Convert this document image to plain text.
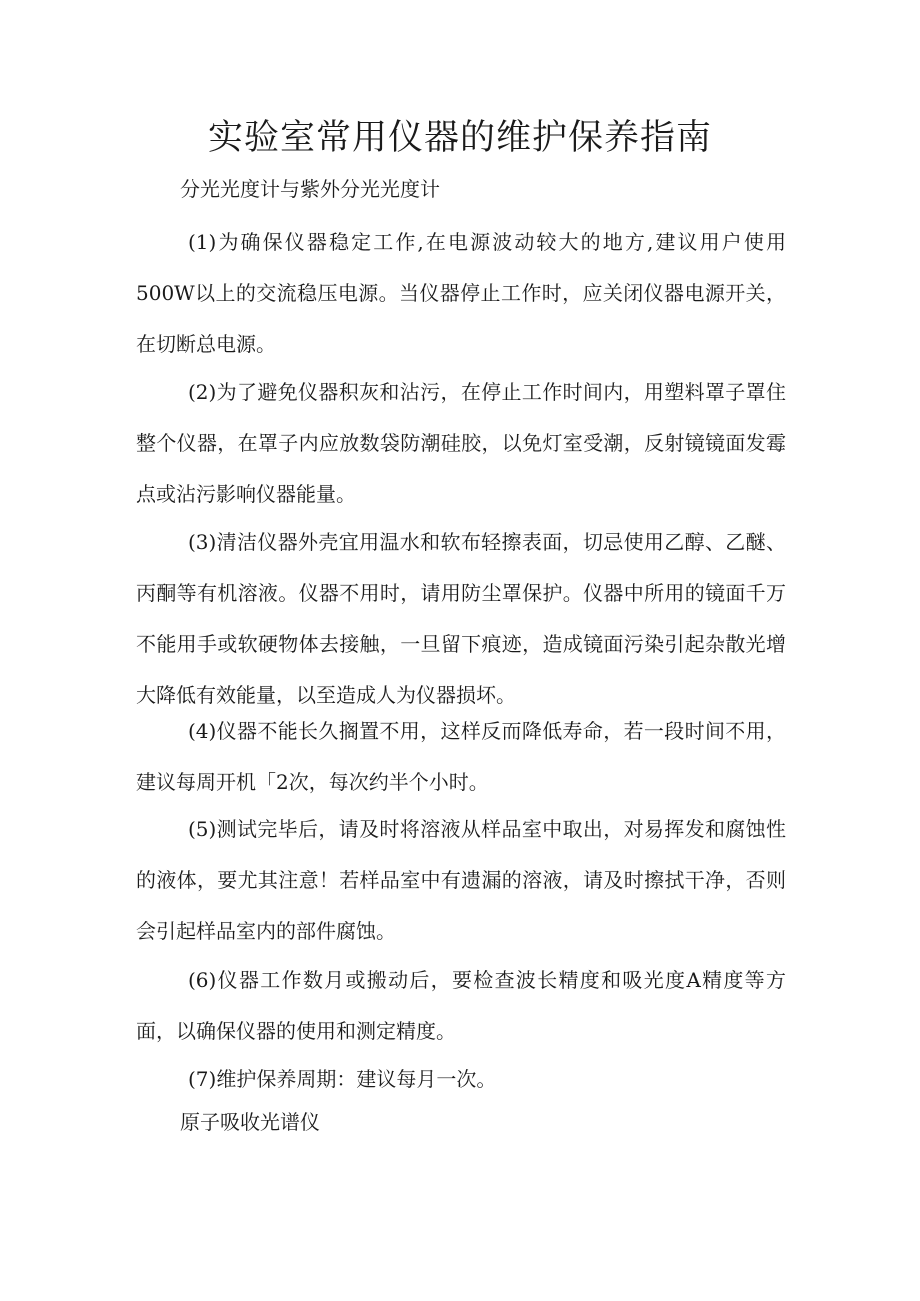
实验室常用仪器的维护保养指南
分光光度计与紫外分光光度计

(1)为确保仪器稳定工作,在电源波动较大的地方,建议用户使用500W以上的交流稳压电源。当仪器停止工作时，应关闭仪器电源开关，在切断总电源。

(2)为了避免仪器积灰和沾污，在停止工作时间内，用塑料罩子罩住整个仪器，在罩子内应放数袋防潮硅胶，以免灯室受潮，反射镜镜面发霉点或沾污影响仪器能量。

(3)清洁仪器外壳宜用温水和软布轻擦表面，切忌使用乙醇、乙醚、丙酮等有机溶液。仪器不用时，请用防尘罩保护。仪器中所用的镜面千万不能用手或软硬物体去接触，一旦留下痕迹，造成镜面污染引起杂散光增大降低有效能量，以至造成人为仪器损坏。

(4)仪器不能长久搁置不用，这样反而降低寿命，若一段时间不用，建议每周开机「2次，每次约半个小时。

(5)测试完毕后，请及时将溶液从样品室中取出，对易挥发和腐蚀性的液体，要尤其注意！若样品室中有遗漏的溶液，请及时擦拭干净，否则会引起样品室内的部件腐蚀。

(6)仪器工作数月或搬动后，要检查波长精度和吸光度A精度等方面，以确保仪器的使用和测定精度。

(7)维护保养周期：建议每月一次。

原子吸收光谱仪
